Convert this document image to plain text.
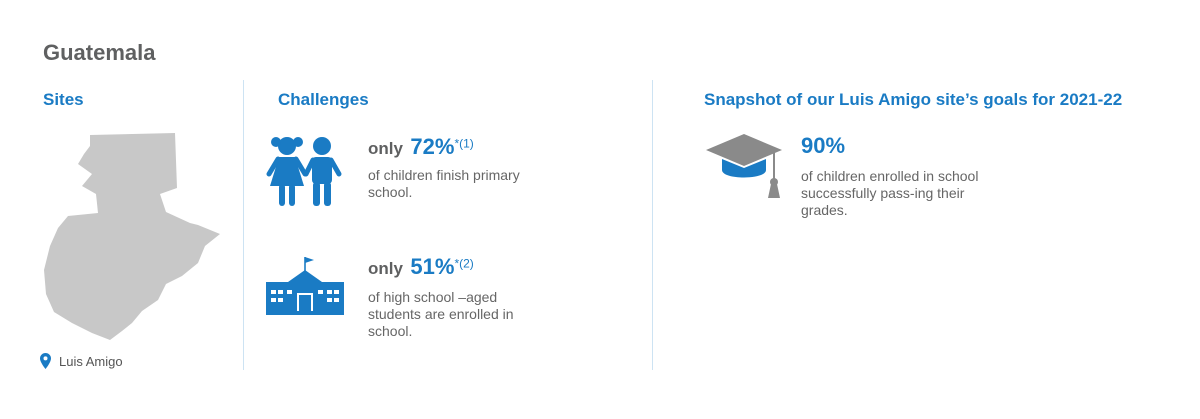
Guatemala
Sites
Luis Amigo
Challenges
only 72%$^{*(1)}$
of children finish primary school.
only 51%$^{*(2)}$
of high school –aged students are enrolled in school.
Snapshot of our Luis Amigo site’s goals for 2021-22
90%
of children enrolled in school successfully pass-ing their grades.
